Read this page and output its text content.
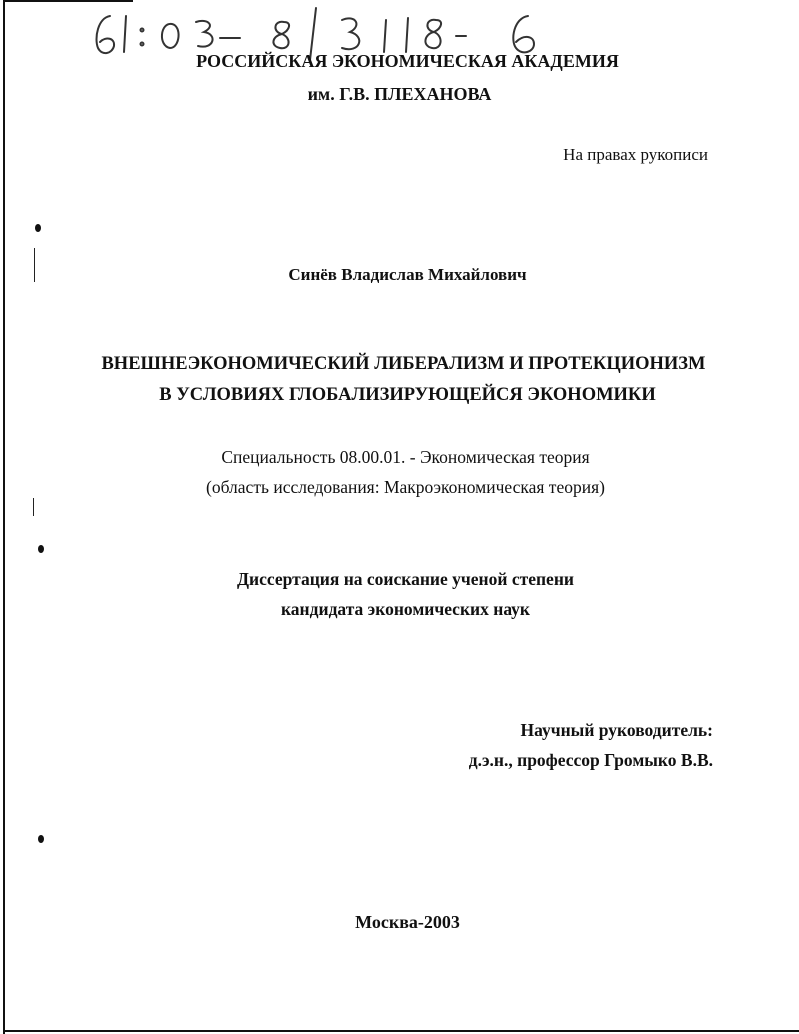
РОССИЙСКАЯ ЭКОНОМИЧЕСКАЯ АКАДЕМИЯ
им. Г.В. ПЛЕХАНОВА
На правах рукописи
Синёв Владислав Михайлович
ВНЕШНЕЭКОНОМИЧЕСКИЙ ЛИБЕРАЛИЗМ И ПРОТЕКЦИОНИЗМ
В УСЛОВИЯХ ГЛОБАЛИЗИРУЮЩЕЙСЯ ЭКОНОМИКИ
Специальность 08.00.01. - Экономическая теория
(область исследования: Макроэкономическая теория)
Диссертация на соискание ученой степени
кандидата экономических наук
Научный руководитель:
д.э.н., профессор Громыко В.В.
Москва-2003
